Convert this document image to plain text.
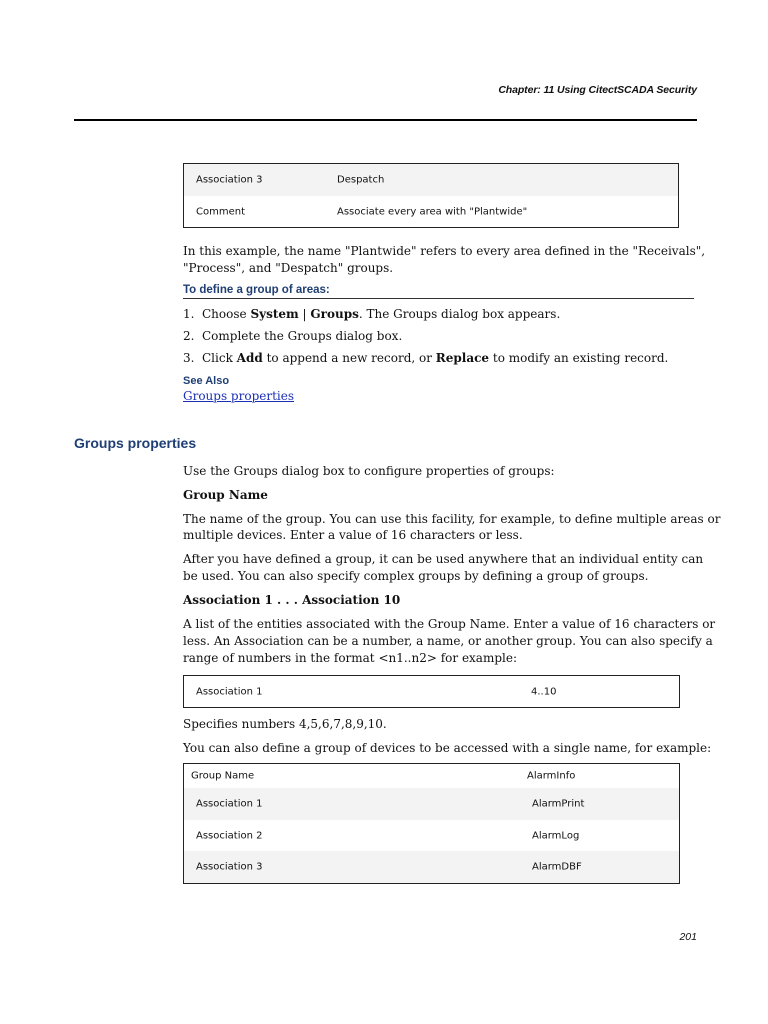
Chapter: 11 Using CitectSCADA Security
Association 3	Despatch
Comment	Associate every area with "Plantwide"
In this example, the name "Plantwide" refers to every area defined in the "Receivals",
"Process", and "Despatch" groups.
To define a group of areas:
1. Choose System | Groups. The Groups dialog box appears.
2. Complete the Groups dialog box.
3. Click Add to append a new record, or Replace to modify an existing record.
See Also
Groups properties
Groups properties
Use the Groups dialog box to configure properties of groups:
Group Name
The name of the group. You can use this facility, for example, to define multiple areas or
multiple devices. Enter a value of 16 characters or less.
After you have defined a group, it can be used anywhere that an individual entity can
be used. You can also specify complex groups by defining a group of groups.
Association 1 . . . Association 10
A list of the entities associated with the Group Name. Enter a value of 16 characters or
less. An Association can be a number, a name, or another group. You can also specify a
range of numbers in the format <n1..n2> for example:
Association 1	4..10
Specifies numbers 4,5,6,7,8,9,10.
You can also define a group of devices to be accessed with a single name, for example:
Group Name	AlarmInfo
Association 1	AlarmPrint
Association 2	AlarmLog
Association 3	AlarmDBF
201
